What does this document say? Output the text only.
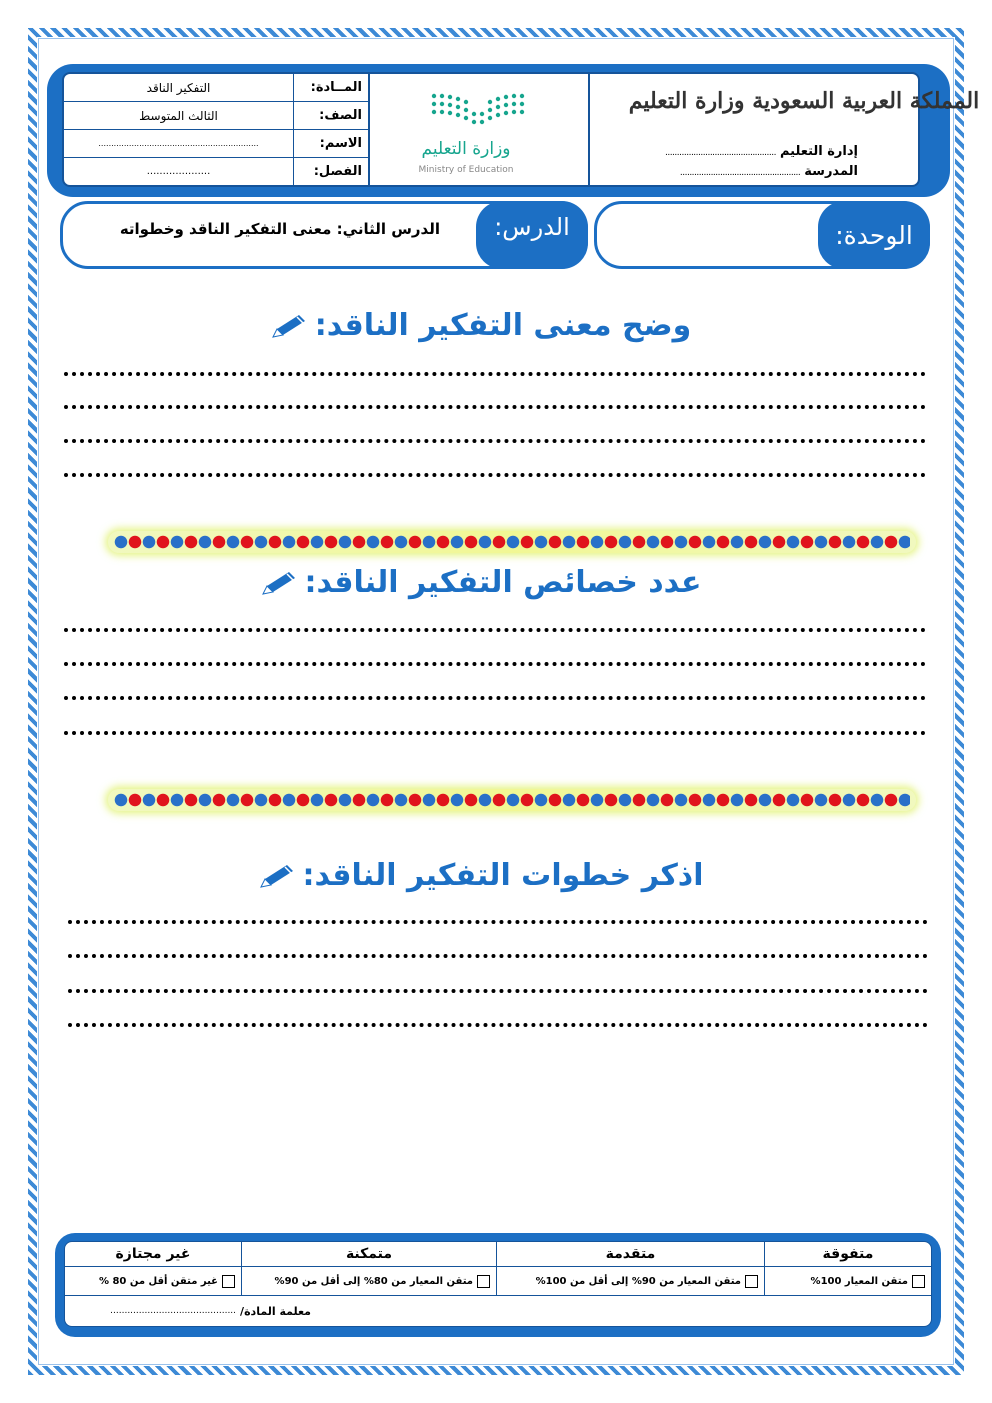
المملكة العربية السعودية وزارة التعليم
إدارة التعليم
...............................................
المدرسة
...................................................
وزارة التعليم
Ministry of Education
المــادة:
التفكير الناقد
الصف:
الثالث المتوسط
الاسم:
...............................................................
الفصل:
....................
الوحدة:
الدرس:
الدرس الثاني: معنى التفكير الناقد وخطواته
وضح معنى التفكير الناقد:
عدد خصائص التفكير الناقد:
اذكر خطوات التفكير الناقد:
متفوقة
متقدمة
متمكنة
غير مجتازة
متقن المعيار 100%
متقن المعيار من 90% إلى أقل من 100%
متقن المعيار من 80% إلى أقل من 90%
غير متقن أقل من 80 %
معلمة المادة/
............................................
